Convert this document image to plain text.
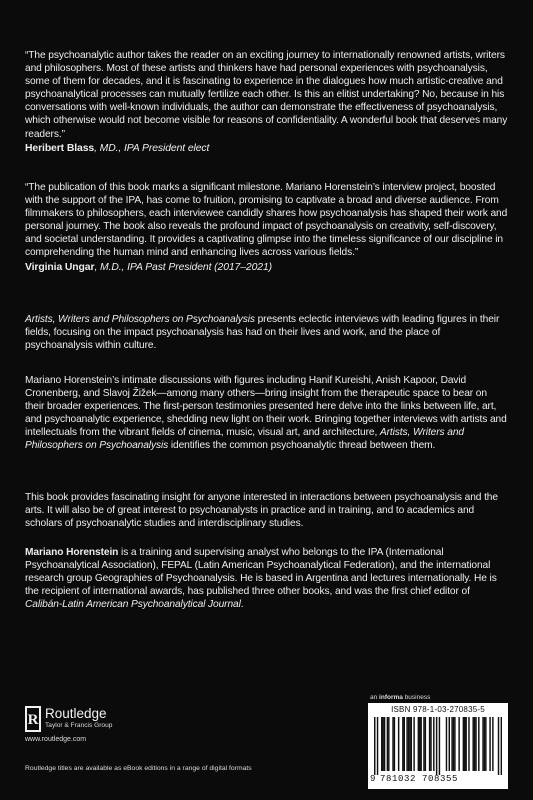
“The psychoanalytic author takes the reader on an exciting journey to internationally renowned artists, writers and philosophers. Most of these artists and thinkers have had personal experiences with psychoanalysis, some of them for decades, and it is fascinating to experience in the dialogues how much artistic-creative and psychoanalytical processes can mutually fertilize each other. Is this an elitist undertaking? No, because in his conversations with well-known individuals, the author can demonstrate the effectiveness of psychoanalysis, which otherwise would not become visible for reasons of confidentiality. A wonderful book that deserves many readers.”

Heribert Blass, MD., IPA President elect

“The publication of this book marks a significant milestone. Mariano Horenstein’s interview project, boosted with the support of the IPA, has come to fruition, promising to captivate a broad and diverse audience. From filmmakers to philosophers, each interviewee candidly shares how psychoanalysis has shaped their work and personal journey. The book also reveals the profound impact of psychoanalysis on creativity, self-discovery, and societal understanding. It provides a captivating glimpse into the timeless significance of our discipline in comprehending the human mind and enhancing lives across various fields.”

Virginia Ungar, M.D., IPA Past President (2017–2021)

Artists, Writers and Philosophers on Psychoanalysis presents eclectic interviews with leading figures in their fields, focusing on the impact psychoanalysis has had on their lives and work, and the place of psychoanalysis within culture.

Mariano Horenstein’s intimate discussions with figures including Hanif Kureishi, Anish Kapoor, David Cronenberg, and Slavoj Žižek—among many others—bring insight from the therapeutic space to bear on their broader experiences. The first-person testimonies presented here delve into the links between life, art, and psychoanalytic experience, shedding new light on their work. Bringing together interviews with artists and intellectuals from the vibrant fields of cinema, music, visual art, and architecture, Artists, Writers and Philosophers on Psychoanalysis identifies the common psychoanalytic thread between them.

This book provides fascinating insight for anyone interested in interactions between psychoanalysis and the arts. It will also be of great interest to psychoanalysts in practice and in training, and to academics and scholars of psychoanalytic studies and interdisciplinary studies.

Mariano Horenstein is a training and supervising analyst who belongs to the IPA (International Psychoanalytical Association), FEPAL (Latin American Psychoanalytical Federation), and the international research group Geographies of Psychoanalysis. He is based in Argentina and lectures internationally. He is the recipient of international awards, has published three other books, and was the first chief editor of Calibán-Latin American Psychoanalytical Journal.

R Routledge
Taylor & Francis Group
www.routledge.com
Routledge titles are available as eBook editions in a range of digital formats
an informa business
ISBN 978-1-03-270835-5
9 781032 708355
